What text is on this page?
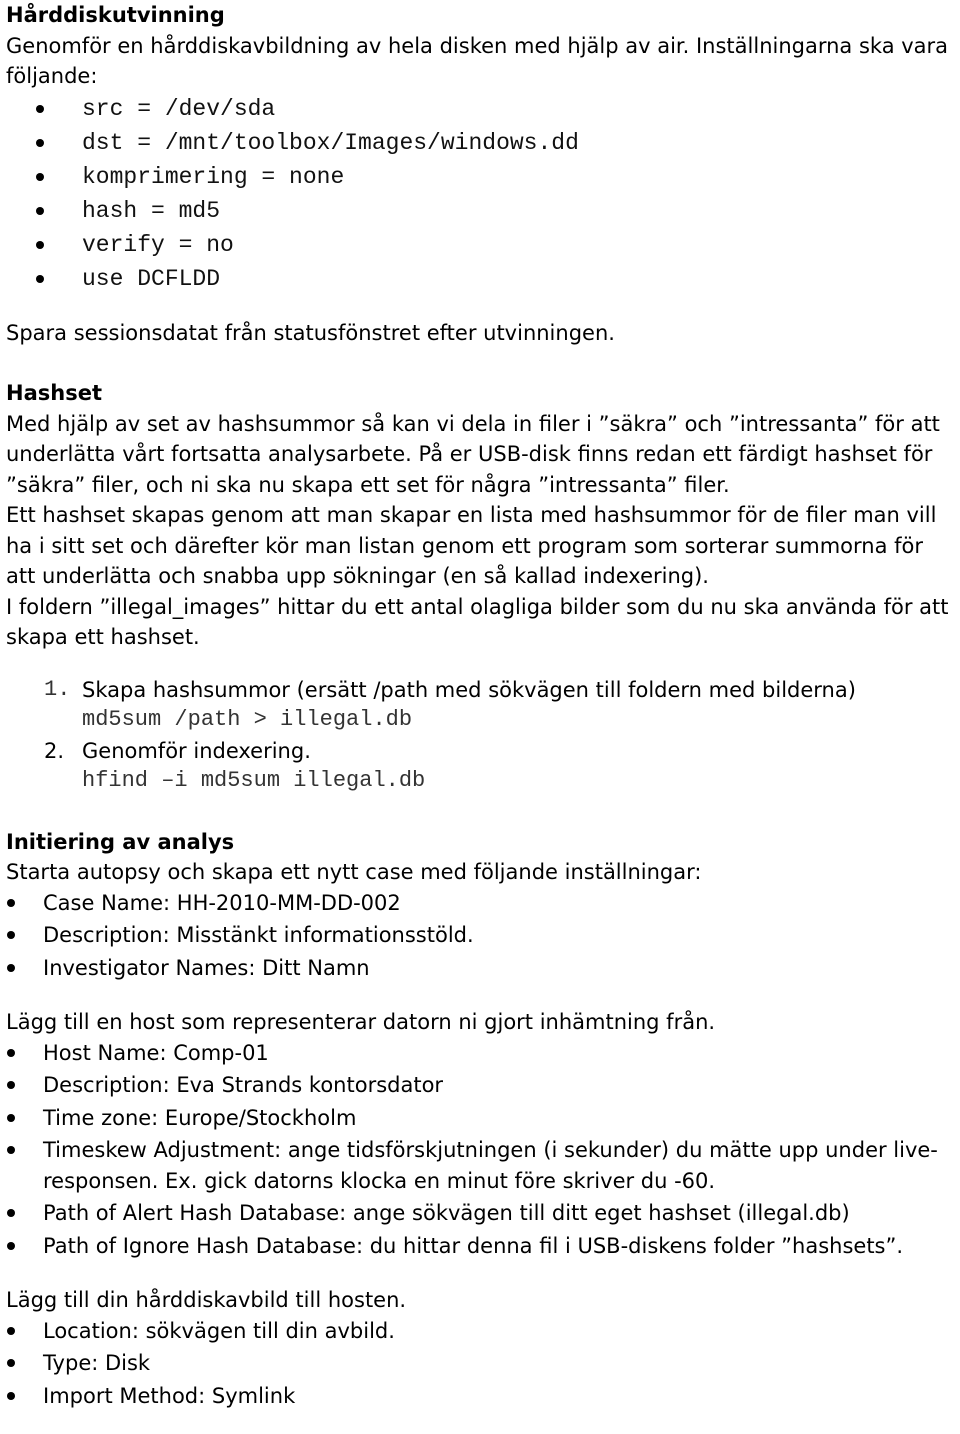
Hårddiskutvinning

Genomför en hårddiskavbildning av hela disken med hjälp av air. Inställningarna ska vara följande:

src = /dev/sda
dst = /mnt/toolbox/Images/windows.dd
komprimering = none
hash = md5
verify = no
use DCFLDD

Spara sessionsdatat från statusfönstret efter utvinningen.

Hashset

Med hjälp av set av hashsummor så kan vi dela in filer i ”säkra” och ”intressanta” för att underlätta vårt fortsatta analysarbete. På er USB-disk finns redan ett färdigt hashset för ”säkra” filer, och ni ska nu skapa ett set för några ”intressanta” filer.

Ett hashset skapas genom att man skapar en lista med hashsummor för de filer man vill ha i sitt set och därefter kör man listan genom ett program som sorterar summorna för att underlätta och snabba upp sökningar (en så kallad indexering).

I foldern ”illegal_images” hittar du ett antal olagliga bilder som du nu ska använda för att skapa ett hashset.

1. Skapa hashsummor (ersätt /path med sökvägen till foldern med bilderna)
md5sum /path > illegal.db
2. Genomför indexering.
hfind –i md5sum illegal.db

Initiering av analys

Starta autopsy och skapa ett nytt case med följande inställningar:

Case Name: HH-2010-MM-DD-002
Description: Misstänkt informationsstöld.
Investigator Names: Ditt Namn

Lägg till en host som representerar datorn ni gjort inhämtning från.

Host Name: Comp-01
Description: Eva Strands kontorsdator
Time zone: Europe/Stockholm
Timeskew Adjustment: ange tidsförskjutningen (i sekunder) du mätte upp under live-responsen. Ex. gick datorns klocka en minut före skriver du -60.
Path of Alert Hash Database: ange sökvägen till ditt eget hashset (illegal.db)
Path of Ignore Hash Database: du hittar denna fil i USB-diskens folder ”hashsets”.

Lägg till din hårddiskavbild till hosten.

Location: sökvägen till din avbild.
Type: Disk
Import Method: Symlink
